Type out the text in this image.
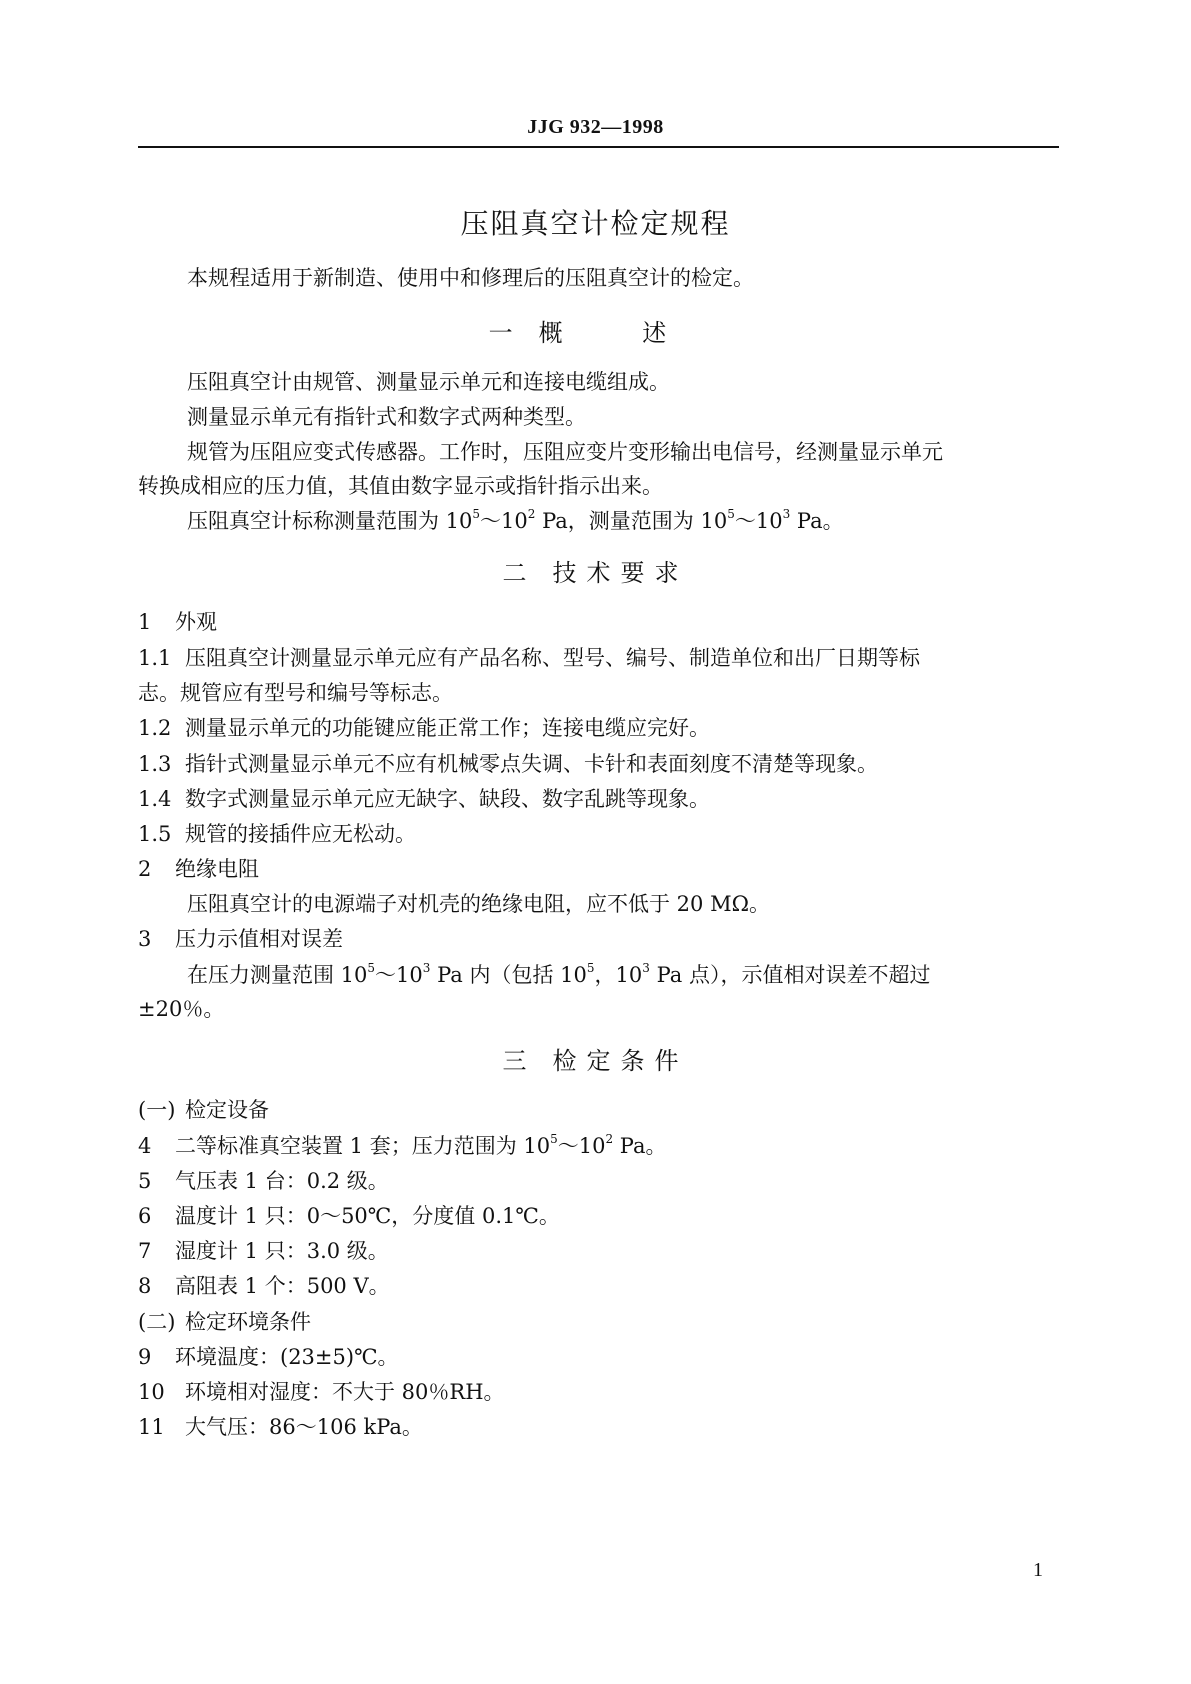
JJG 932—1998
压阻真空计检定规程
本规程适用于新制造、使用中和修理后的压阻真空计的检定。
一 概 述
压阻真空计由规管、测量显示单元和连接电缆组成。
测量显示单元有指针式和数字式两种类型。
规管为压阻应变式传感器。工作时，压阻应变片变形输出电信号，经测量显示单元
转换成相应的压力值，其值由数字显示或指针指示出来。
压阻真空计标称测量范围为 $10^5\sim 10^2$ Pa，测量范围为 $10^5\sim 10^3$ Pa。
二 技术要求
1 外观
1.1 压阻真空计测量显示单元应有产品名称、型号、编号、制造单位和出厂日期等标
志。规管应有型号和编号等标志。
1.2 测量显示单元的功能键应能正常工作；连接电缆应完好。
1.3 指针式测量显示单元不应有机械零点失调、卡针和表面刻度不清楚等现象。
1.4 数字式测量显示单元应无缺字、缺段、数字乱跳等现象。
1.5 规管的接插件应无松动。
2 绝缘电阻
压阻真空计的电源端子对机壳的绝缘电阻，应不低于 20 MΩ。
3 压力示值相对误差
在压力测量范围 $10^5\sim 10^3$ Pa 内（包括 $10^5$，$10^3$ Pa 点），示值相对误差不超过
±20％。
三 检定条件
(一) 检定设备
4 二等标准真空装置 1 套；压力范围为 $10^5\sim 10^2$ Pa。
5 气压表 1 台：0.2 级。
6 温度计 1 只：0～50℃，分度值 0.1℃。
7 湿度计 1 只：3.0 级。
8 高阻表 1 个：500 V。
(二) 检定环境条件
9 环境温度：(23±5)℃。
10 环境相对湿度：不大于 80％RH。
11 大气压：86～106 kPa。
1
